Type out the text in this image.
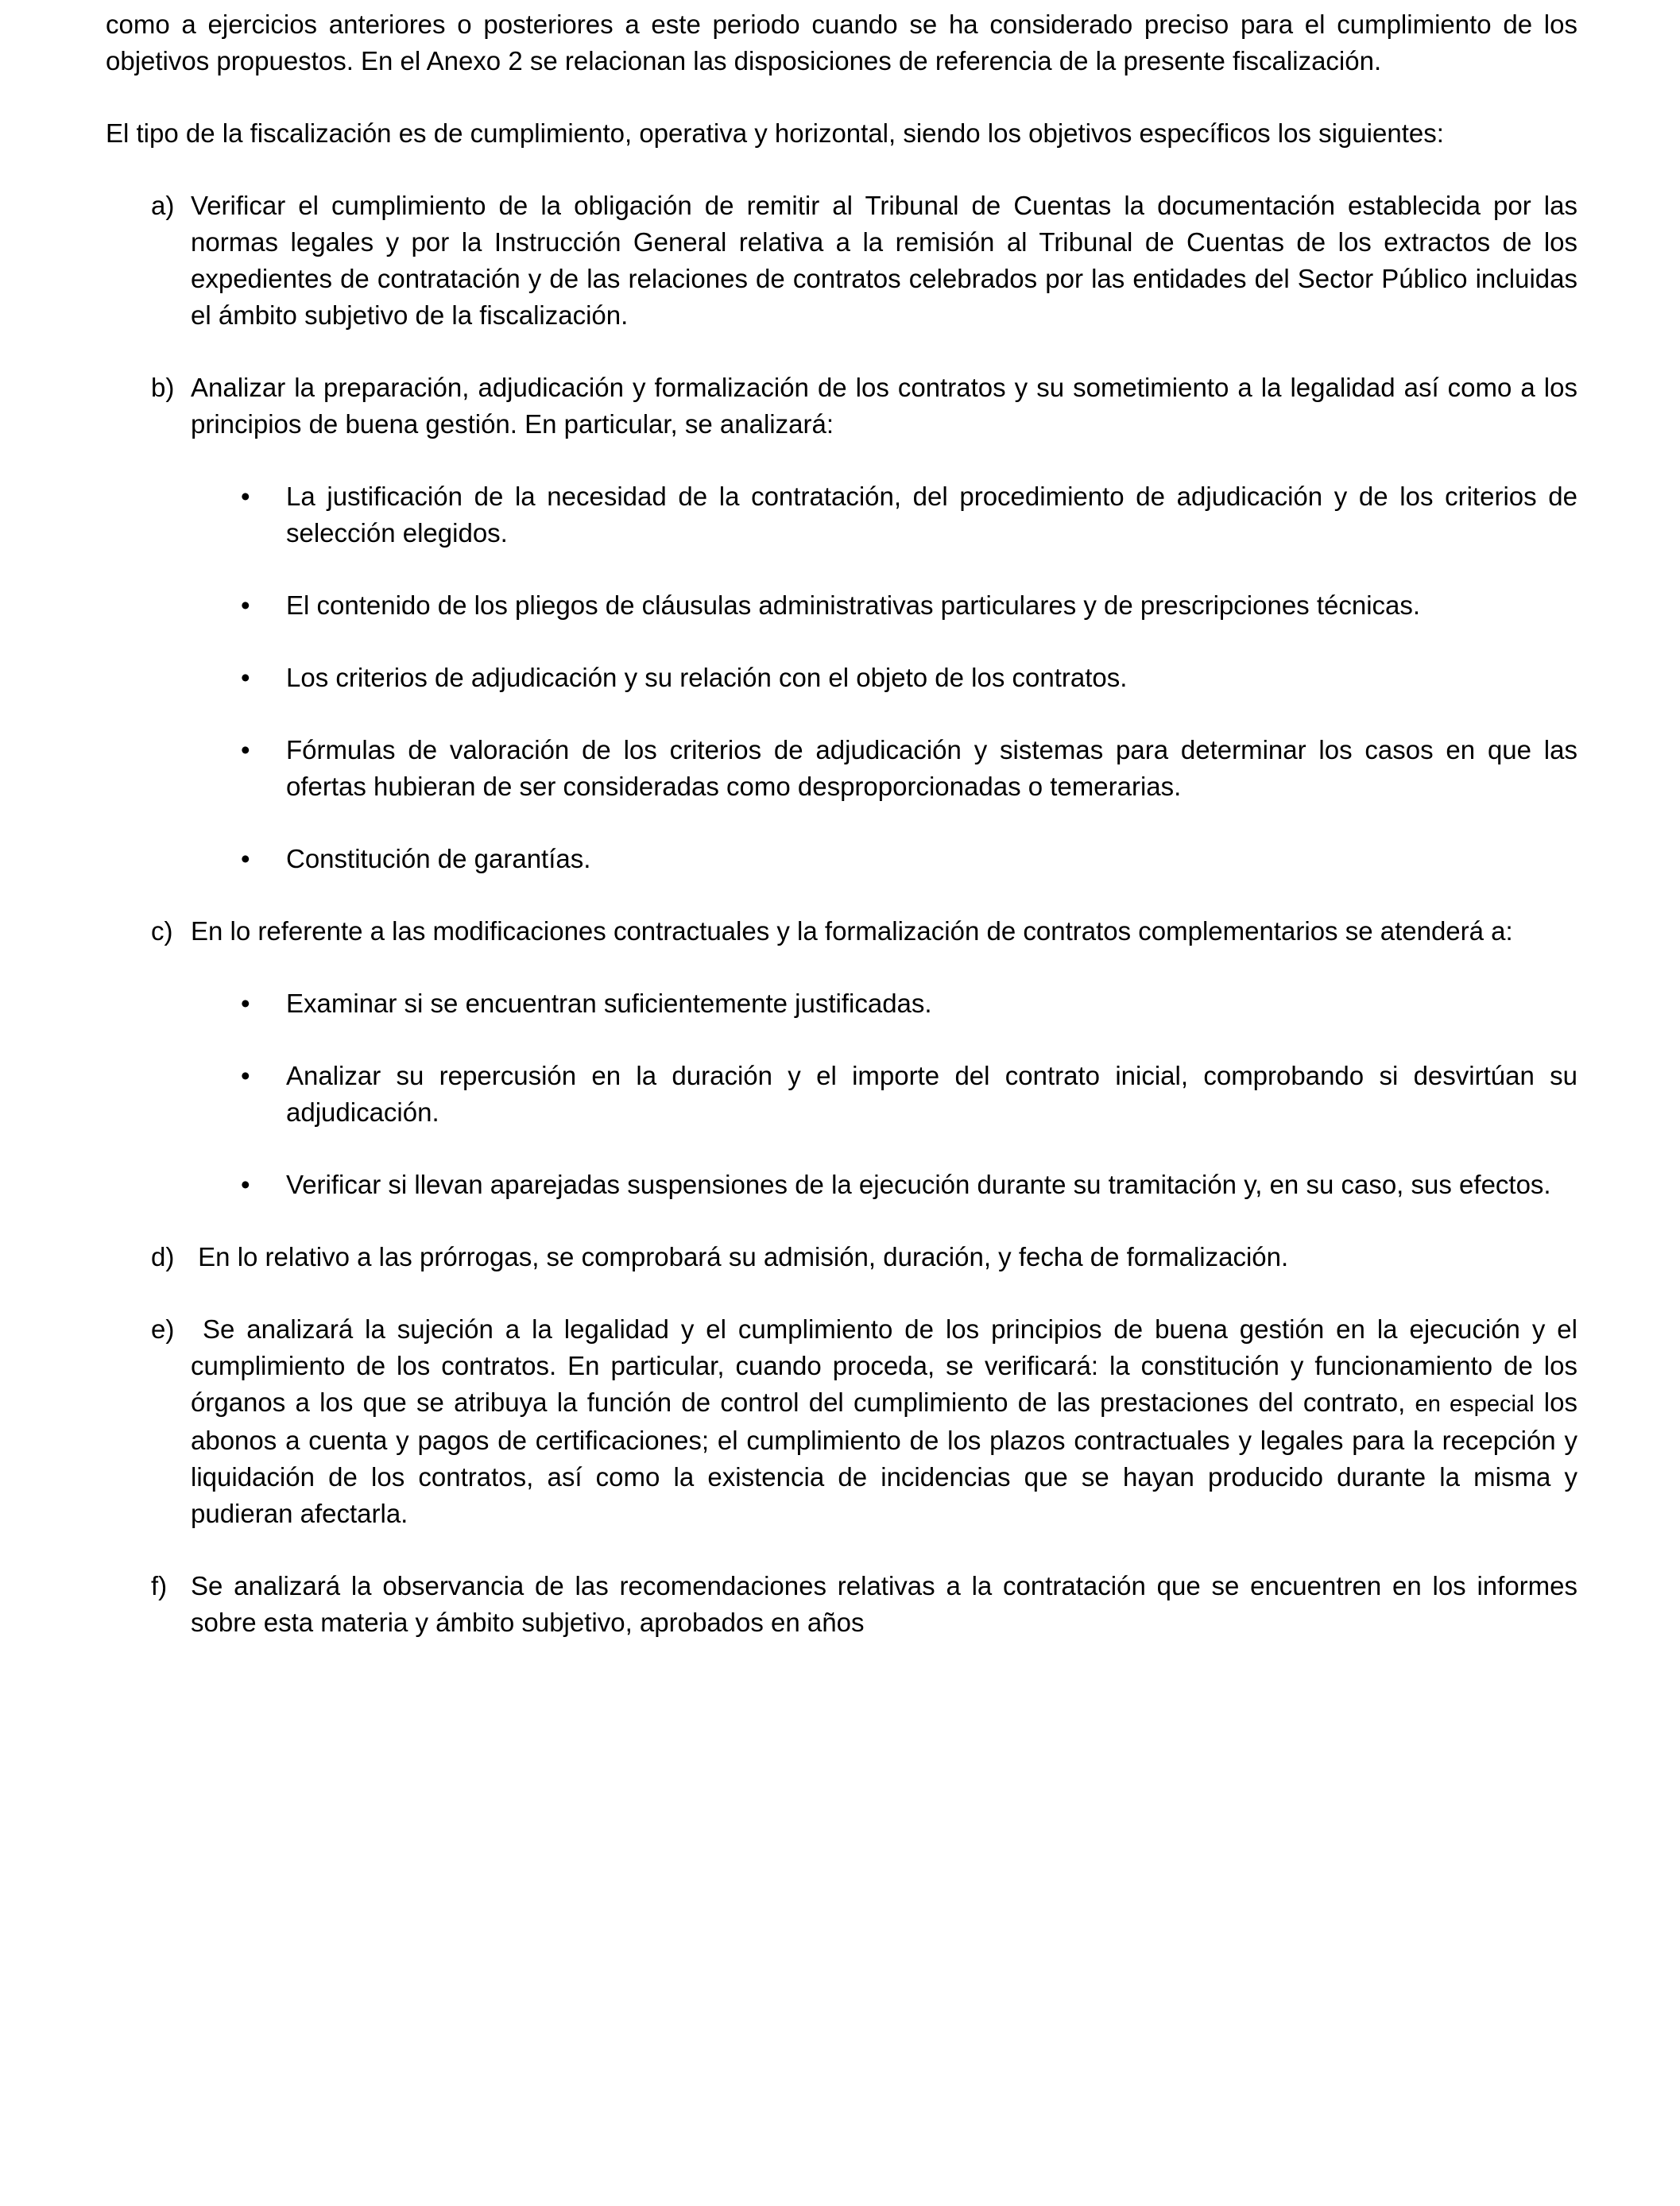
como a ejercicios anteriores o posteriores a este periodo cuando se ha considerado preciso para el cumplimiento de los objetivos propuestos. En el Anexo 2 se relacionan las disposiciones de referencia de la presente fiscalización.
El tipo de la fiscalización es de cumplimiento, operativa y horizontal, siendo los objetivos específicos los siguientes:
a) Verificar el cumplimiento de la obligación de remitir al Tribunal de Cuentas la documentación establecida por las normas legales y por la Instrucción General relativa a la remisión al Tribunal de Cuentas de los extractos de los expedientes de contratación y de las relaciones de contratos celebrados por las entidades del Sector Público incluidas el ámbito subjetivo de la fiscalización.
b) Analizar la preparación, adjudicación y formalización de los contratos y su sometimiento a la legalidad así como a los principios de buena gestión. En particular, se analizará:
• La justificación de la necesidad de la contratación, del procedimiento de adjudicación y de los criterios de selección elegidos.
• El contenido de los pliegos de cláusulas administrativas particulares y de prescripciones técnicas.
• Los criterios de adjudicación y su relación con el objeto de los contratos.
• Fórmulas de valoración de los criterios de adjudicación y sistemas para determinar los casos en que las ofertas hubieran de ser consideradas como desproporcionadas o temerarias.
• Constitución de garantías.
c) En lo referente a las modificaciones contractuales y la formalización de contratos complementarios se atenderá a:
• Examinar si se encuentran suficientemente justificadas.
• Analizar su repercusión en la duración y el importe del contrato inicial, comprobando si desvirtúan su adjudicación.
• Verificar si llevan aparejadas suspensiones de la ejecución durante su tramitación y, en su caso, sus efectos.
d) En lo relativo a las prórrogas, se comprobará su admisión, duración, y fecha de formalización.
e) Se analizará la sujeción a la legalidad y el cumplimiento de los principios de buena gestión en la ejecución y el cumplimiento de los contratos. En particular, cuando proceda, se verificará: la constitución y funcionamiento de los órganos a los que se atribuya la función de control del cumplimiento de las prestaciones del contrato, en especial los abonos a cuenta y pagos de certificaciones; el cumplimiento de los plazos contractuales y legales para la recepción y liquidación de los contratos, así como la existencia de incidencias que se hayan producido durante la misma y pudieran afectarla.
f) Se analizará la observancia de las recomendaciones relativas a la contratación que se encuentren en los informes sobre esta materia y ámbito subjetivo, aprobados en años
